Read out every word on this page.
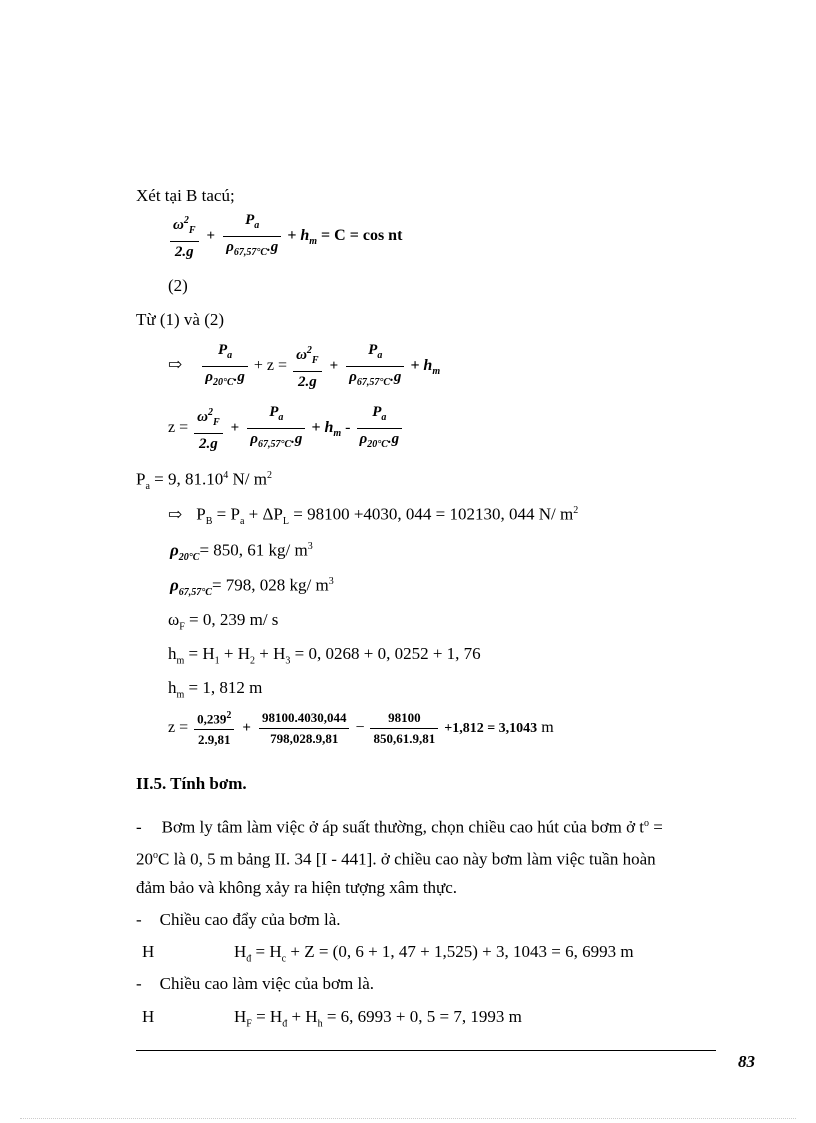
Xét tại B tacú;
$\frac{\omega^2_F}{2.g} + \frac{P_a}{\rho_{67,57^\circ C}.g} + h_m = C = \cos$ nt
(2)
Từ (1) và (2)
⇨ $\frac{P_a}{\rho_{20^\circ C}.g} + z = \frac{\omega^2_F}{2.g} + \frac{P_a}{\rho_{67,57^\circ C}.g} + h_m$
$z = \frac{\omega^2_F}{2.g} + \frac{P_a}{\rho_{67,57^\circ C}.g} + h_m - \frac{P_a}{\rho_{20^\circ C}.g}$
$P_a = 9$, 81.10$^4$ N/ $m^2$
⇨ $P_B = P_a + \Delta P_L = 98100 +4030$, 044 = 102130, 044 N/ $m^2$
$\rho_{20^\circ C}= 850$, 61 kg/ $m^3$
$\rho_{67,57^\circ C}= 798$, 028 kg/ $m^3$
$\omega_F = 0$, 239 m/ s
$h_m = H_1 + H_2 + H_3 = 0$, 0268 + 0, 0252 + 1, 76
$h_m = 1$, 812 m
$z = \frac{0,239^2}{2.9,81} + \frac{98100.4030,044}{798,028.9,81} - \frac{98100}{850,61.9,81} +1,812 = 3,1043$ m
II.5. Tính bơm.
- Bơm ly tâm làm việc ở áp suất thường, chọn chiều cao hút của bơm ở $t^o$ =
$20^oC$ là 0, 5 m bảng II. 34 [I - 441]. ở chiều cao này bơm làm việc tuần hoàn
đảm bảo và không xảy ra hiện tượng xâm thực.
- Chiều cao đẩy của bơm là.
H	$H_đ = H_c + Z = (0$, 6 + 1, 47 + 1,525) + 3, 1043 = 6, 6993 m
- Chiều cao làm việc của bơm là.
H	$H_F = H_đ + H_h = 6$, 6993 + 0, 5 = 7, 1993 m
83
